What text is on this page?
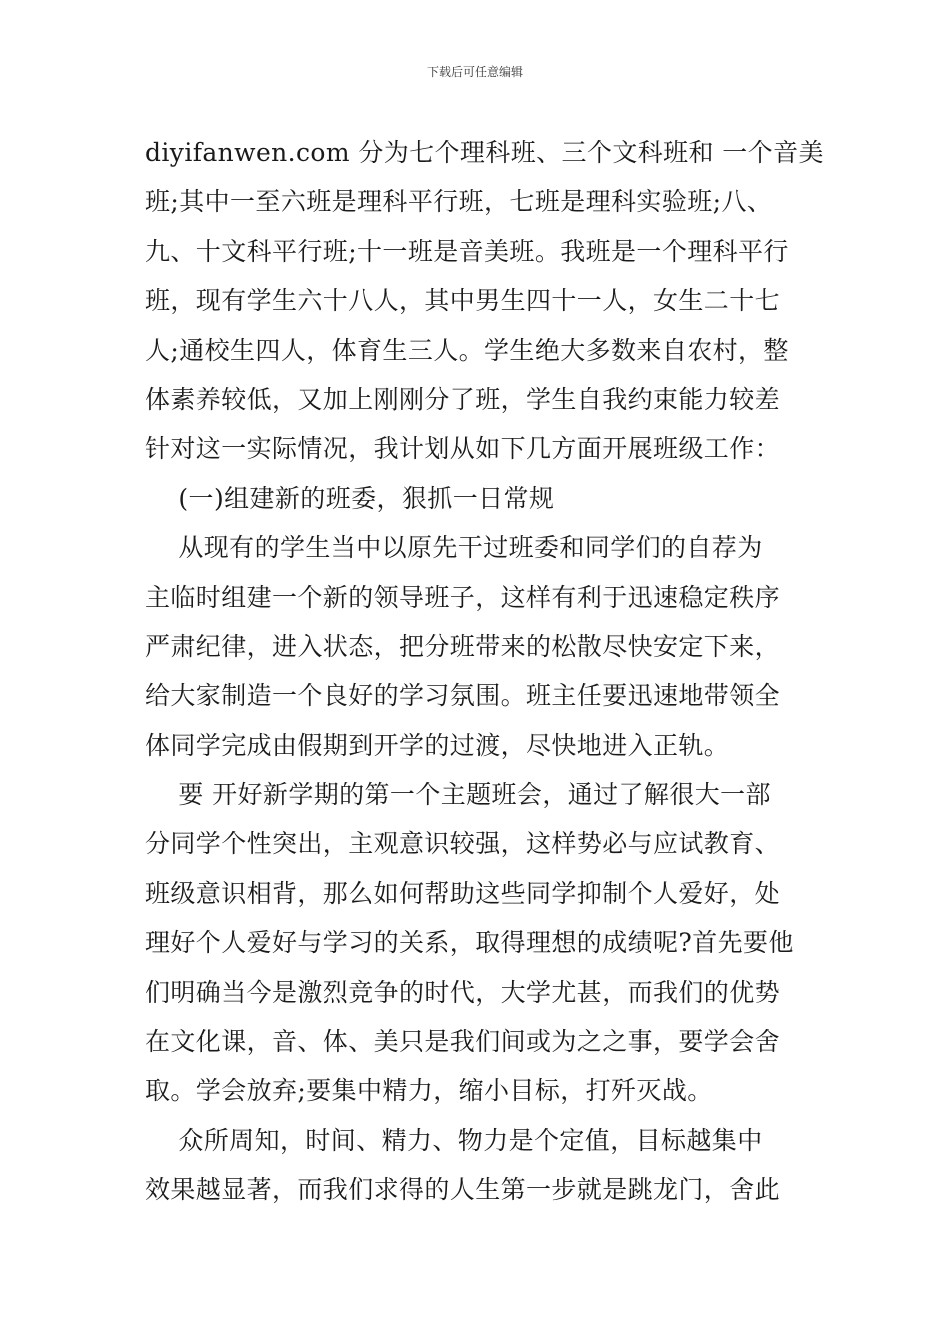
下载后可任意编辑
diyifanwen.com 分为七个理科班、三个文科班和 一个音美
班;其中一至六班是理科平行班，七班是理科实验班;八、
九、十文科平行班;十一班是音美班。我班是一个理科平行
班，现有学生六十八人，其中男生四十一人，女生二十七
人;通校生四人，体育生三人。学生绝大多数来自农村，整
体素养较低，又加上刚刚分了班，学生自我约束能力较差
针对这一实际情况，我计划从如下几方面开展班级工作：
(一)组建新的班委，狠抓一日常规
从现有的学生当中以原先干过班委和同学们的自荐为
主临时组建一个新的领导班子，这样有利于迅速稳定秩序
严肃纪律，进入状态，把分班带来的松散尽快安定下来，
给大家制造一个良好的学习氛围。班主任要迅速地带领全
体同学完成由假期到开学的过渡，尽快地进入正轨。
要 开好新学期的第一个主题班会，通过了解很大一部
分同学个性突出，主观意识较强，这样势必与应试教育、
班级意识相背，那么如何帮助这些同学抑制个人爱好，处
理好个人爱好与学习的关系，取得理想的成绩呢?首先要他
们明确当今是激烈竞争的时代，大学尤甚，而我们的优势
在文化课，音、体、美只是我们间或为之之事，要学会舍
取。学会放弃;要集中精力，缩小目标，打歼灭战。
众所周知，时间、精力、物力是个定值，目标越集中
效果越显著，而我们求得的人生第一步就是跳龙门，舍此
